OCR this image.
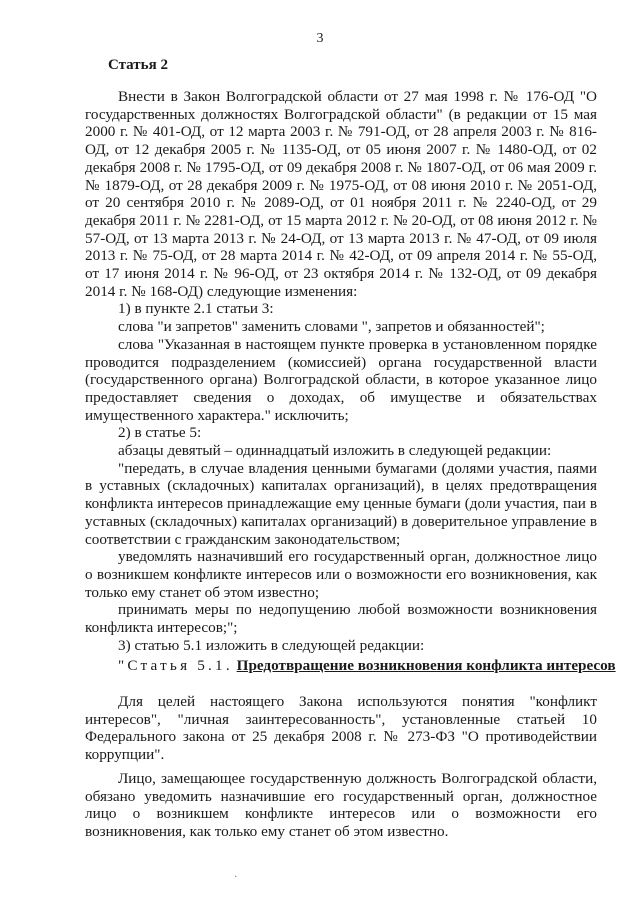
3
Статья 2

Внести в Закон Волгоградской области от 27 мая 1998 г. № 176-ОД "О государственных должностях Волгоградской области" (в редакции от 15 мая 2000 г. № 401-ОД, от 12 марта 2003 г. № 791-ОД, от 28 апреля 2003 г. № 816-ОД, от 12 декабря 2005 г. № 1135-ОД, от 05 июня 2007 г. № 1480-ОД, от 02 декабря 2008 г. № 1795-ОД, от 09 декабря 2008 г. № 1807-ОД, от 06 мая 2009 г. № 1879-ОД, от 28 декабря 2009 г. № 1975-ОД, от 08 июня 2010 г. № 2051-ОД, от 20 сентября 2010 г. № 2089-ОД, от 01 ноября 2011 г. № 2240-ОД, от 29 декабря 2011 г. № 2281-ОД, от 15 марта 2012 г. № 20-ОД, от 08 июня 2012 г. № 57-ОД, от 13 марта 2013 г. № 24-ОД, от 13 марта 2013 г. № 47-ОД, от 09 июля 2013 г. № 75-ОД, от 28 марта 2014 г. № 42-ОД, от 09 апреля 2014 г. № 55-ОД, от 17 июня 2014 г. № 96-ОД, от 23 октября 2014 г. № 132-ОД, от 09 декабря 2014 г. № 168-ОД) следующие изменения:

1) в пункте 2.1 статьи 3:

слова "и запретов" заменить словами ", запретов и обязанностей";

слова "Указанная в настоящем пункте проверка в установленном порядке проводится подразделением (комиссией) органа государственной власти (государственного органа) Волгоградской области, в которое указанное лицо предоставляет сведения о доходах, об имуществе и обязательствах имущественного характера." исключить;

2) в статье 5:

абзацы девятый – одиннадцатый изложить в следующей редакции:

"передать, в случае владения ценными бумагами (долями участия, паями в уставных (складочных) капиталах организаций), в целях предотвращения конфликта интересов принадлежащие ему ценные бумаги (доли участия, паи в уставных (складочных) капиталах организаций) в доверительное управление в соответствии с гражданским законодательством;

уведомлять назначивший его государственный орган, должностное лицо о возникшем конфликте интересов или о возможности его возникновения, как только ему станет об этом известно;

принимать меры по недопущению любой возможности возникновения конфликта интересов;";

3) статью 5.1 изложить в следующей редакции:

"Статья 5.1. Предотвращение возникновения конфликта интересов

Для целей настоящего Закона используются понятия "конфликт интересов", "личная заинтересованность", установленные статьей 10 Федерального закона от 25 декабря 2008 г. № 273-ФЗ "О противодействии коррупции".

Лицо, замещающее государственную должность Волгоградской области, обязано уведомить назначившие его государственный орган, должностное лицо о возникшем конфликте интересов или о возможности его возникновения, как только ему станет об этом известно.

·
